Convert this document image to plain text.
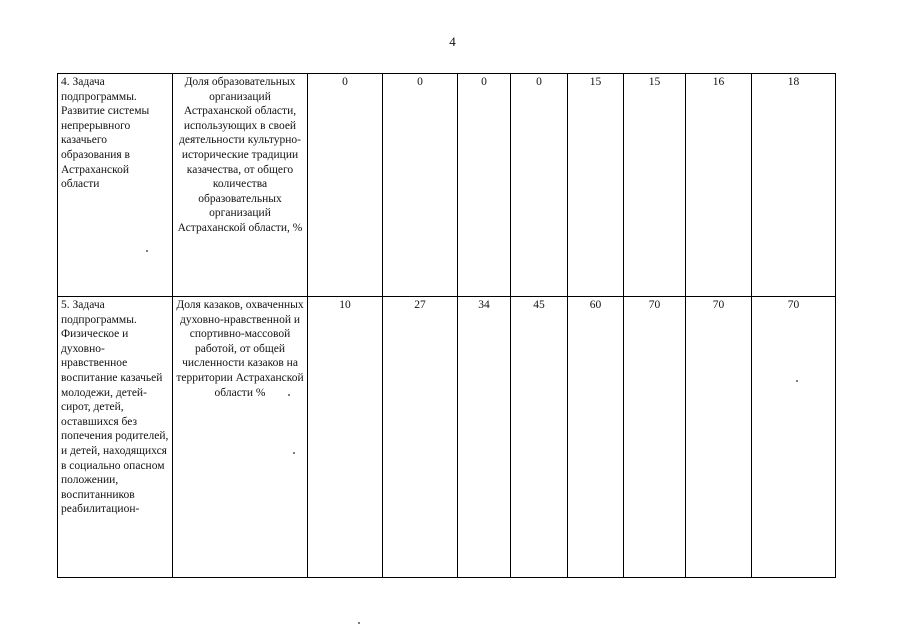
4
4. Задача подпрограммы. Развитие системы непрерывного казачьего образования в Астраханской области	Доля образовательных организаций Астраханской области, использующих в своей деятельности культурно-исторические традиции казачества, от общего количества образовательных организаций Астраханской области, %	0	0	0	0	15	15	16	18
5. Задача подпрограммы. Физическое и духовно-нравственное воспитание казачьей молодежи, детей-сирот, детей, оставшихся без попечения родителей, и детей, находящихся в социально опасном положении, воспитанников реабилитацион-	Доля казаков, охваченных духовно-нравственной и спортивно-массовой работой, от общей численности казаков на территории Астраханской области %	10	27	34	45	60	70	70	70
